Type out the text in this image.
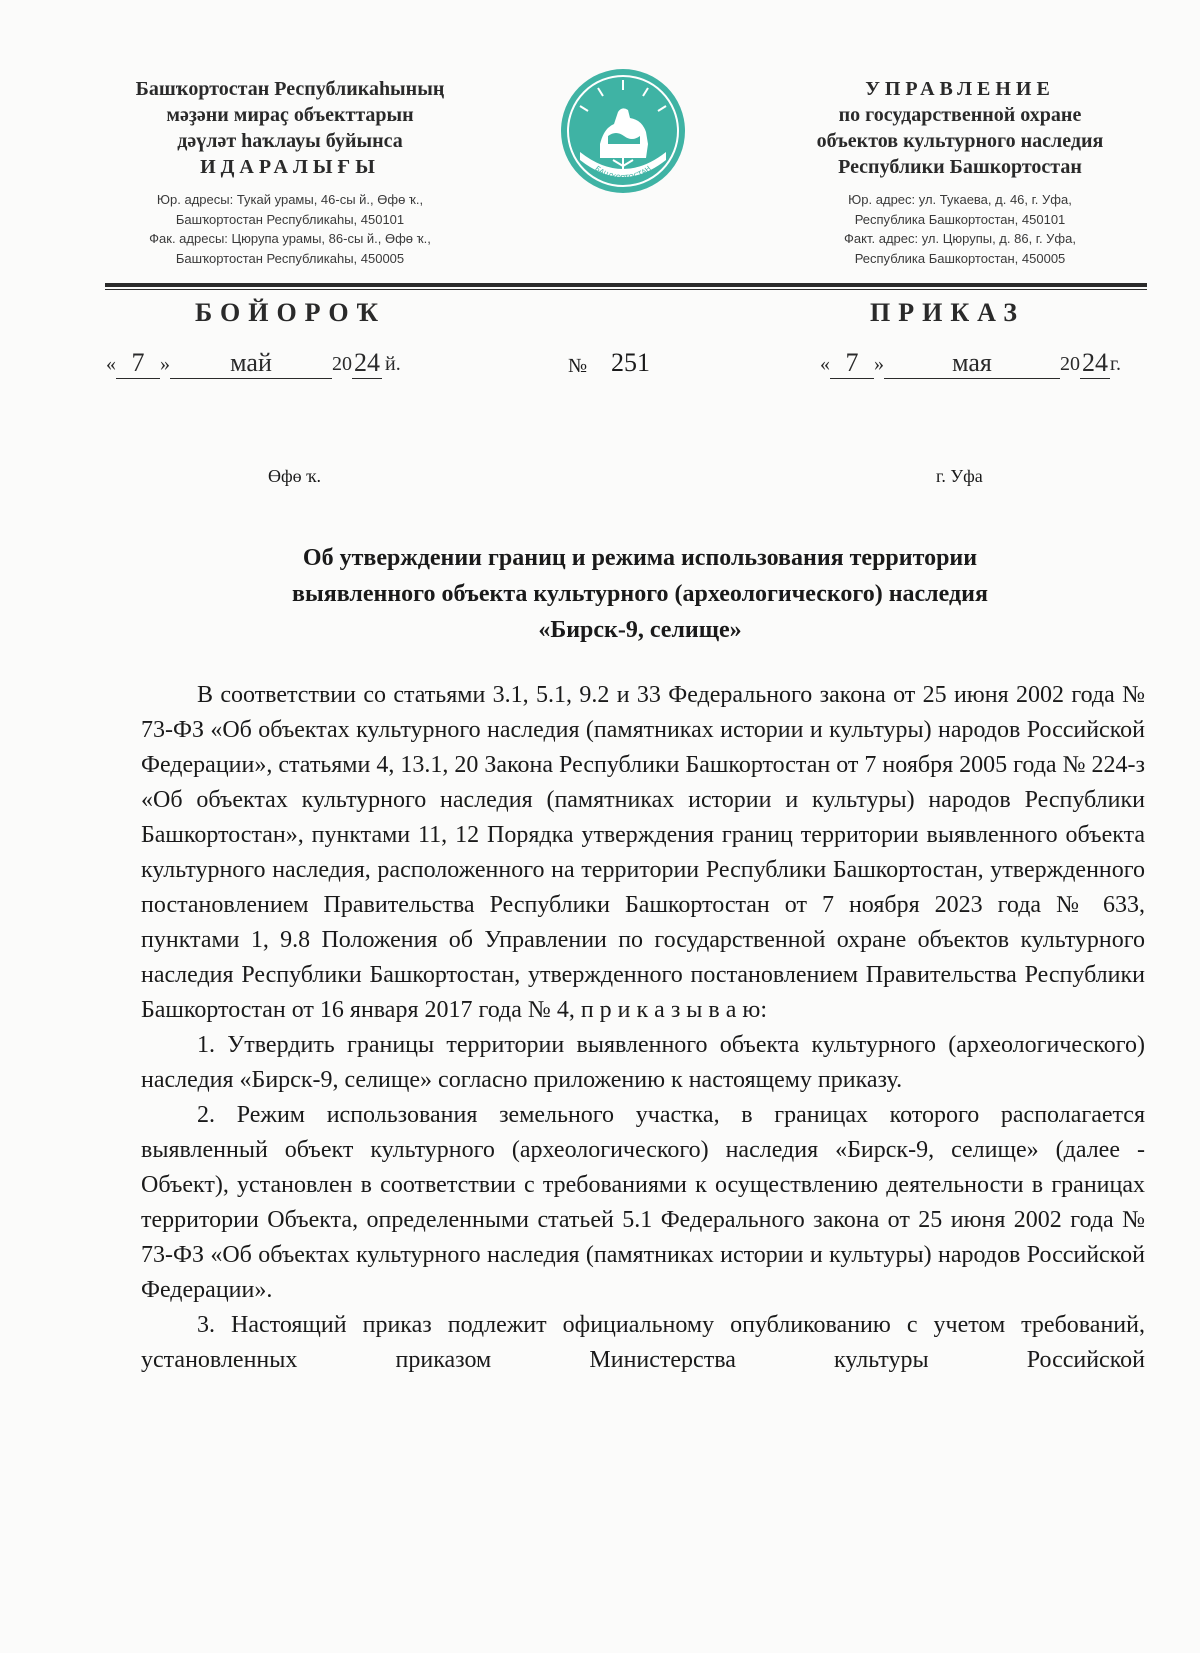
Башҡортостан Республикаһының
мәҙәни мираҫ объекттарын
дәүләт һаҡлауы буйынса
ИДАРАЛЫҒЫ
Юр. адресы: Тукай урамы, 46-сы й., Өфө ҡ.,
Башҡортостан Республикаһы, 450101
Фак. адресы: Цюрупа урамы, 86-сы й., Өфө ҡ.,
Башҡортостан Республикаһы, 450005
БАШҠОРТОСТАН
УПРАВЛЕНИЕ
по государственной охране
объектов культурного наследия
Республики Башкортостан
Юр. адрес: ул. Тукаева, д. 46, г. Уфа,
Республика Башкортостан, 450101
Факт. адрес: ул. Цюрупы, д. 86, г. Уфа,
Республика Башкортостан, 450005
БОЙОРОҠ	ПРИКАЗ
« 7 » май	2024 й.	№ 251	« 7 »	мая	2024 г.
Өфө ҡ.	г. Уфа
Об утверждении границ и режима использования территории
выявленного объекта культурного (археологического) наследия
«Бирск-9, селище»

В соответствии со статьями 3.1, 5.1, 9.2 и 33 Федерального закона от 25 июня 2002 года № 73-ФЗ «Об объектах культурного наследия (памятниках истории и культуры) народов Российской Федерации», статьями 4, 13.1, 20 Закона Республики Башкортостан от 7 ноября 2005 года № 224-з «Об объектах культурного наследия (памятниках истории и культуры) народов Республики Башкортостан», пунктами 11, 12 Порядка утверждения границ территории выявленного объекта культурного наследия, расположенного на территории Республики Башкортостан, утвержденного постановлением Правительства Республики Башкортостан от 7 ноября 2023 года № 633, пунктами 1, 9.8 Положения об Управлении по государственной охране объектов культурного наследия Республики Башкортостан, утвержденного постановлением Правительства Республики Башкортостан от 16 января 2017 года № 4, п р и к а з ы в а ю:

1. Утвердить границы территории выявленного объекта культурного (археологического) наследия «Бирск-9, селище» согласно приложению к настоящему приказу.

2. Режим использования земельного участка, в границах которого располагается выявленный объект культурного (археологического) наследия «Бирск-9, селище» (далее - Объект), установлен в соответствии с требованиями к осуществлению деятельности в границах территории Объекта, определенными статьей 5.1 Федерального закона от 25 июня 2002 года № 73-ФЗ «Об объектах культурного наследия (памятниках истории и культуры) народов Российской Федерации».

3. Настоящий приказ подлежит официальному опубликованию с учетом требований, установленных приказом Министерства культуры Российской
